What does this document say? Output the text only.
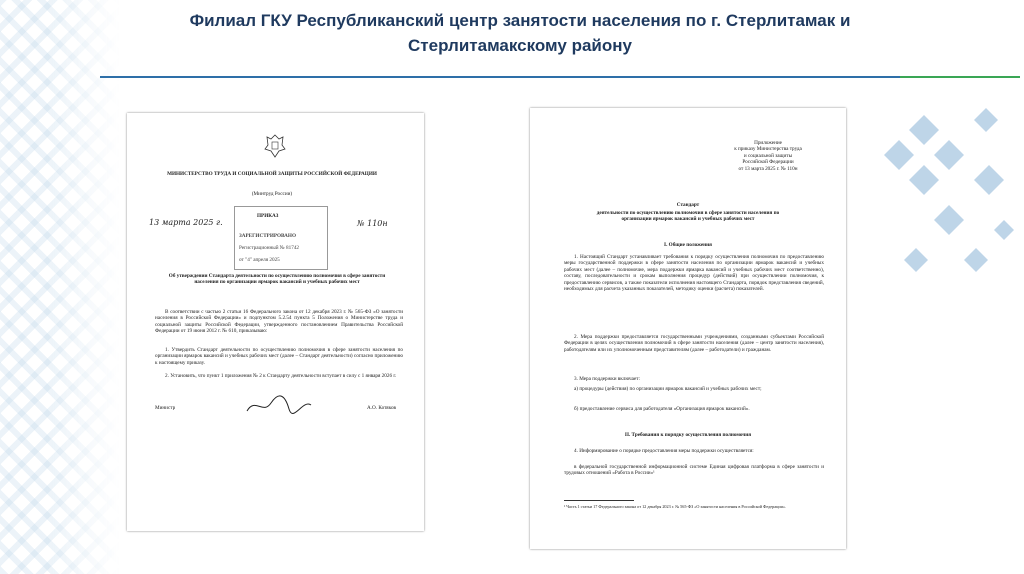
Филиал ГКУ Республиканский центр занятости населения по г. Стерлитамак и Стерлитамакскому району
МИНИСТЕРСТВО ТРУДА И СОЦИАЛЬНОЙ ЗАЩИТЫ РОССИЙСКОЙ ФЕДЕРАЦИИ
(Минтруд России)
13 марта 2025 г.
ПРИКАЗ
ЗАРЕГИСТРИРОВАНО
Регистрационный № 81742
от "4" апреля 2025
№ 110н
Об утверждении Стандарта деятельности по осуществлению полномочия в сфере занятости населения по организации ярмарок вакансий и учебных рабочих мест
В соответствии с частью 2 статьи 16 Федерального закона от 12 декабря 2023 г. № 565-ФЗ «О занятости населения в Российской Федерации» и подпунктом 5.2.54 пункта 5 Положения о Министерстве труда и социальной защиты Российской Федерации, утвержденного постановлением Правительства Российской Федерации от 19 июня 2012 г. № 610, приказываю:
1. Утвердить Стандарт деятельности по осуществлению полномочия в сфере занятости населения по организации ярмарок вакансий и учебных рабочих мест (далее – Стандарт деятельности) согласно приложению к настоящему приказу.
2. Установить, что пункт 1 приложения № 2 к Стандарту деятельности вступает в силу с 1 января 2026 г.
Министр	А.О. Котяков
Приложение
к приказу Министерства труда
и социальной защиты
Российской Федерации
от 13 марта 2025 г. № 110н
Стандарт
деятельности по осуществлению полномочия в сфере занятости населения по организации ярмарок вакансий и учебных рабочих мест
I. Общие положения
1. Настоящий Стандарт устанавливает требования к порядку осуществления полномочия по предоставлению меры государственной поддержки в сфере занятости населения по организации ярмарок вакансий и учебных рабочих мест (далее – полномочие, мера поддержки ярмарка вакансий и учебных рабочих мест соответственно), составу, последовательности и срокам выполнения процедур (действий) при осуществлении полномочия, к предоставлению сервисов, а также показатели исполнения настоящего Стандарта, порядок представления сведений, необходимых для расчета указанных показателей, методику оценки (расчета) показателей.
2. Мера поддержки предоставляется государственными учреждениями, созданными субъектами Российской Федерации в целях осуществления полномочий в сфере занятости населения (далее – центр занятости населения), работодателям или их уполномоченным представителям (далее – работодатели) и гражданам.
3. Мера поддержки включает:
а) процедуры (действия) по организации ярмарок вакансий и учебных рабочих мест;
б) предоставление сервиса для работодателя «Организация ярмарок вакансий».
II. Требования к порядку осуществления полномочия
4. Информирование о порядке предоставления меры поддержки осуществляется:
в федеральной государственной информационной системе Единая цифровая платформа в сфере занятости и трудовых отношений «Работа в России»¹
¹ Часть 1 статьи 17 Федерального закона от 12 декабря 2023 г. № 565-ФЗ «О занятости населения в Российской Федерации».
